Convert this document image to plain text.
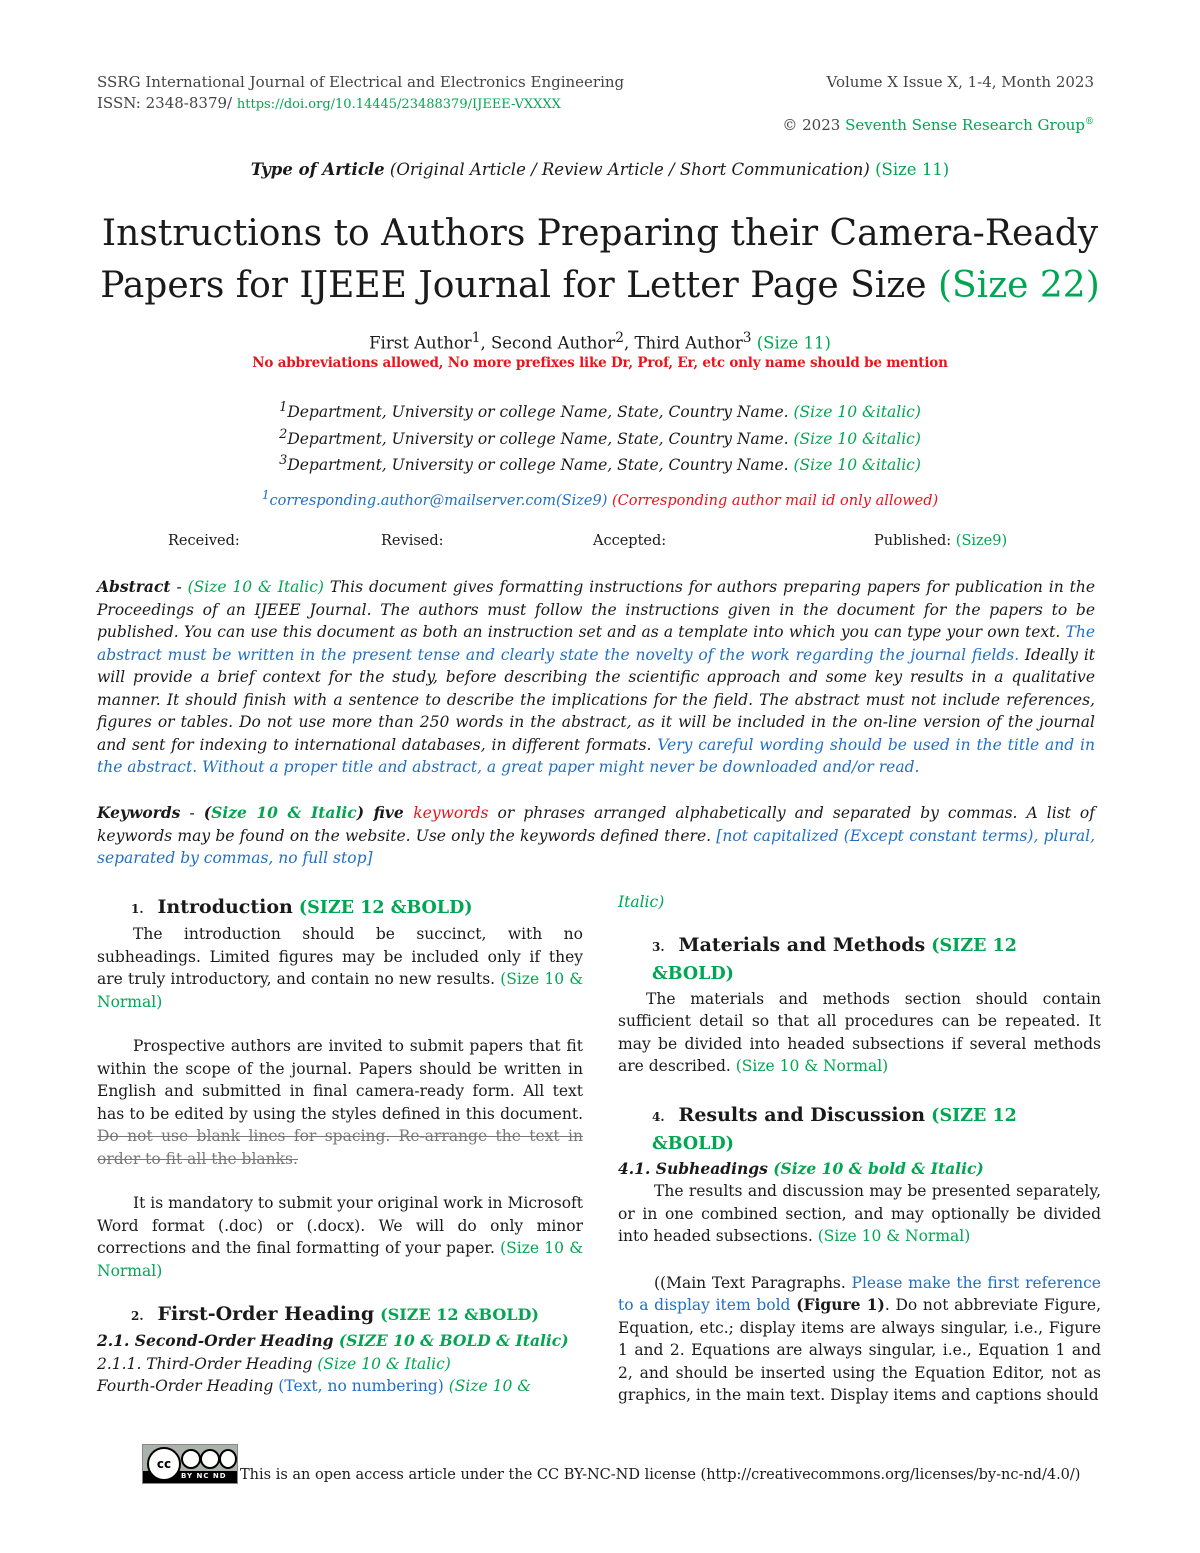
SSRG International Journal of Electrical and Electronics Engineering
ISSN: 2348-8379/ https://doi.org/10.14445/23488379/IJEEE-VXXXX
Volume X Issue X, 1-4, Month 2023
© 2023 Seventh Sense Research Group®
Type of Article (Original Article / Review Article / Short Communication) (Size 11)
Instructions to Authors Preparing their Camera-Ready
Papers for IJEEE Journal for Letter Page Size (Size 22)
First Author$^1$, Second Author$^2$, Third Author$^3$ (Size 11)
No abbreviations allowed, No more prefixes like Dr, Prof, Er, etc only name should be mention
$^1$Department, University or college Name, State, Country Name. (Size 10 &italic)
$^2$Department, University or college Name, State, Country Name. (Size 10 &italic)
$^3$Department, University or college Name, State, Country Name. (Size 10 &italic)
$^1$corresponding.author@mailserver.com(Size9) (Corresponding author mail id only allowed)
Received:	Revised:	Accepted:	Published: (Size9)
Abstract - (Size 10 & Italic) This document gives formatting instructions for authors preparing papers for publication in the Proceedings of an IJEEE Journal. The authors must follow the instructions given in the document for the papers to be published. You can use this document as both an instruction set and as a template into which you can type your own text. The abstract must be written in the present tense and clearly state the novelty of the work regarding the journal fields. Ideally it will provide a brief context for the study, before describing the scientific approach and some key results in a qualitative manner. It should finish with a sentence to describe the implications for the field. The abstract must not include references, figures or tables. Do not use more than 250 words in the abstract, as it will be included in the on-line version of the journal and sent for indexing to international databases, in different formats. Very careful wording should be used in the title and in the abstract. Without a proper title and abstract, a great paper might never be downloaded and/or read.
Keywords - (Size 10 & Italic) five keywords or phrases arranged alphabetically and separated by commas. A list of keywords may be found on the website. Use only the keywords defined there. [not capitalized (Except constant terms), plural, separated by commas, no full stop]
1. Introduction (SIZE 12 &BOLD)
The introduction should be succinct, with no subheadings. Limited figures may be included only if they are truly introductory, and contain no new results. (Size 10 & Normal)
Prospective authors are invited to submit papers that fit within the scope of the journal. Papers should be written in English and submitted in final camera-ready form. All text has to be edited by using the styles defined in this document. Do not use blank lines for spacing. Re-arrange the text in order to fit all the blanks.
It is mandatory to submit your original work in Microsoft Word format (.doc) or (.docx). We will do only minor corrections and the final formatting of your paper. (Size 10 & Normal)
2. First-Order Heading (SIZE 12 &BOLD)
2.1. Second-Order Heading (SIZE 10 & BOLD & Italic)
2.1.1. Third-Order Heading (Size 10 & Italic)
Fourth-Order Heading (Text, no numbering) (Size 10 &
Italic)
3. Materials and Methods (SIZE 12
&BOLD)
The materials and methods section should contain sufficient detail so that all procedures can be repeated. It may be divided into headed subsections if several methods are described. (Size 10 & Normal)
4. Results and Discussion (SIZE 12
&BOLD)
4.1. Subheadings (Size 10 & bold & Italic)
The results and discussion may be presented separately, or in one combined section, and may optionally be divided into headed subsections. (Size 10 & Normal)
((Main Text Paragraphs. Please make the first reference to a display item bold (Figure 1). Do not abbreviate Figure, Equation, etc.; display items are always singular, i.e., Figure 1 and 2. Equations are always singular, i.e., Equation 1 and 2, and should be inserted using the Equation Editor, not as graphics, in the main text. Display items and captions should
cc
BY NC ND This is an open access article under the CC BY-NC-ND license (http://creativecommons.org/licenses/by-nc-nd/4.0/)
